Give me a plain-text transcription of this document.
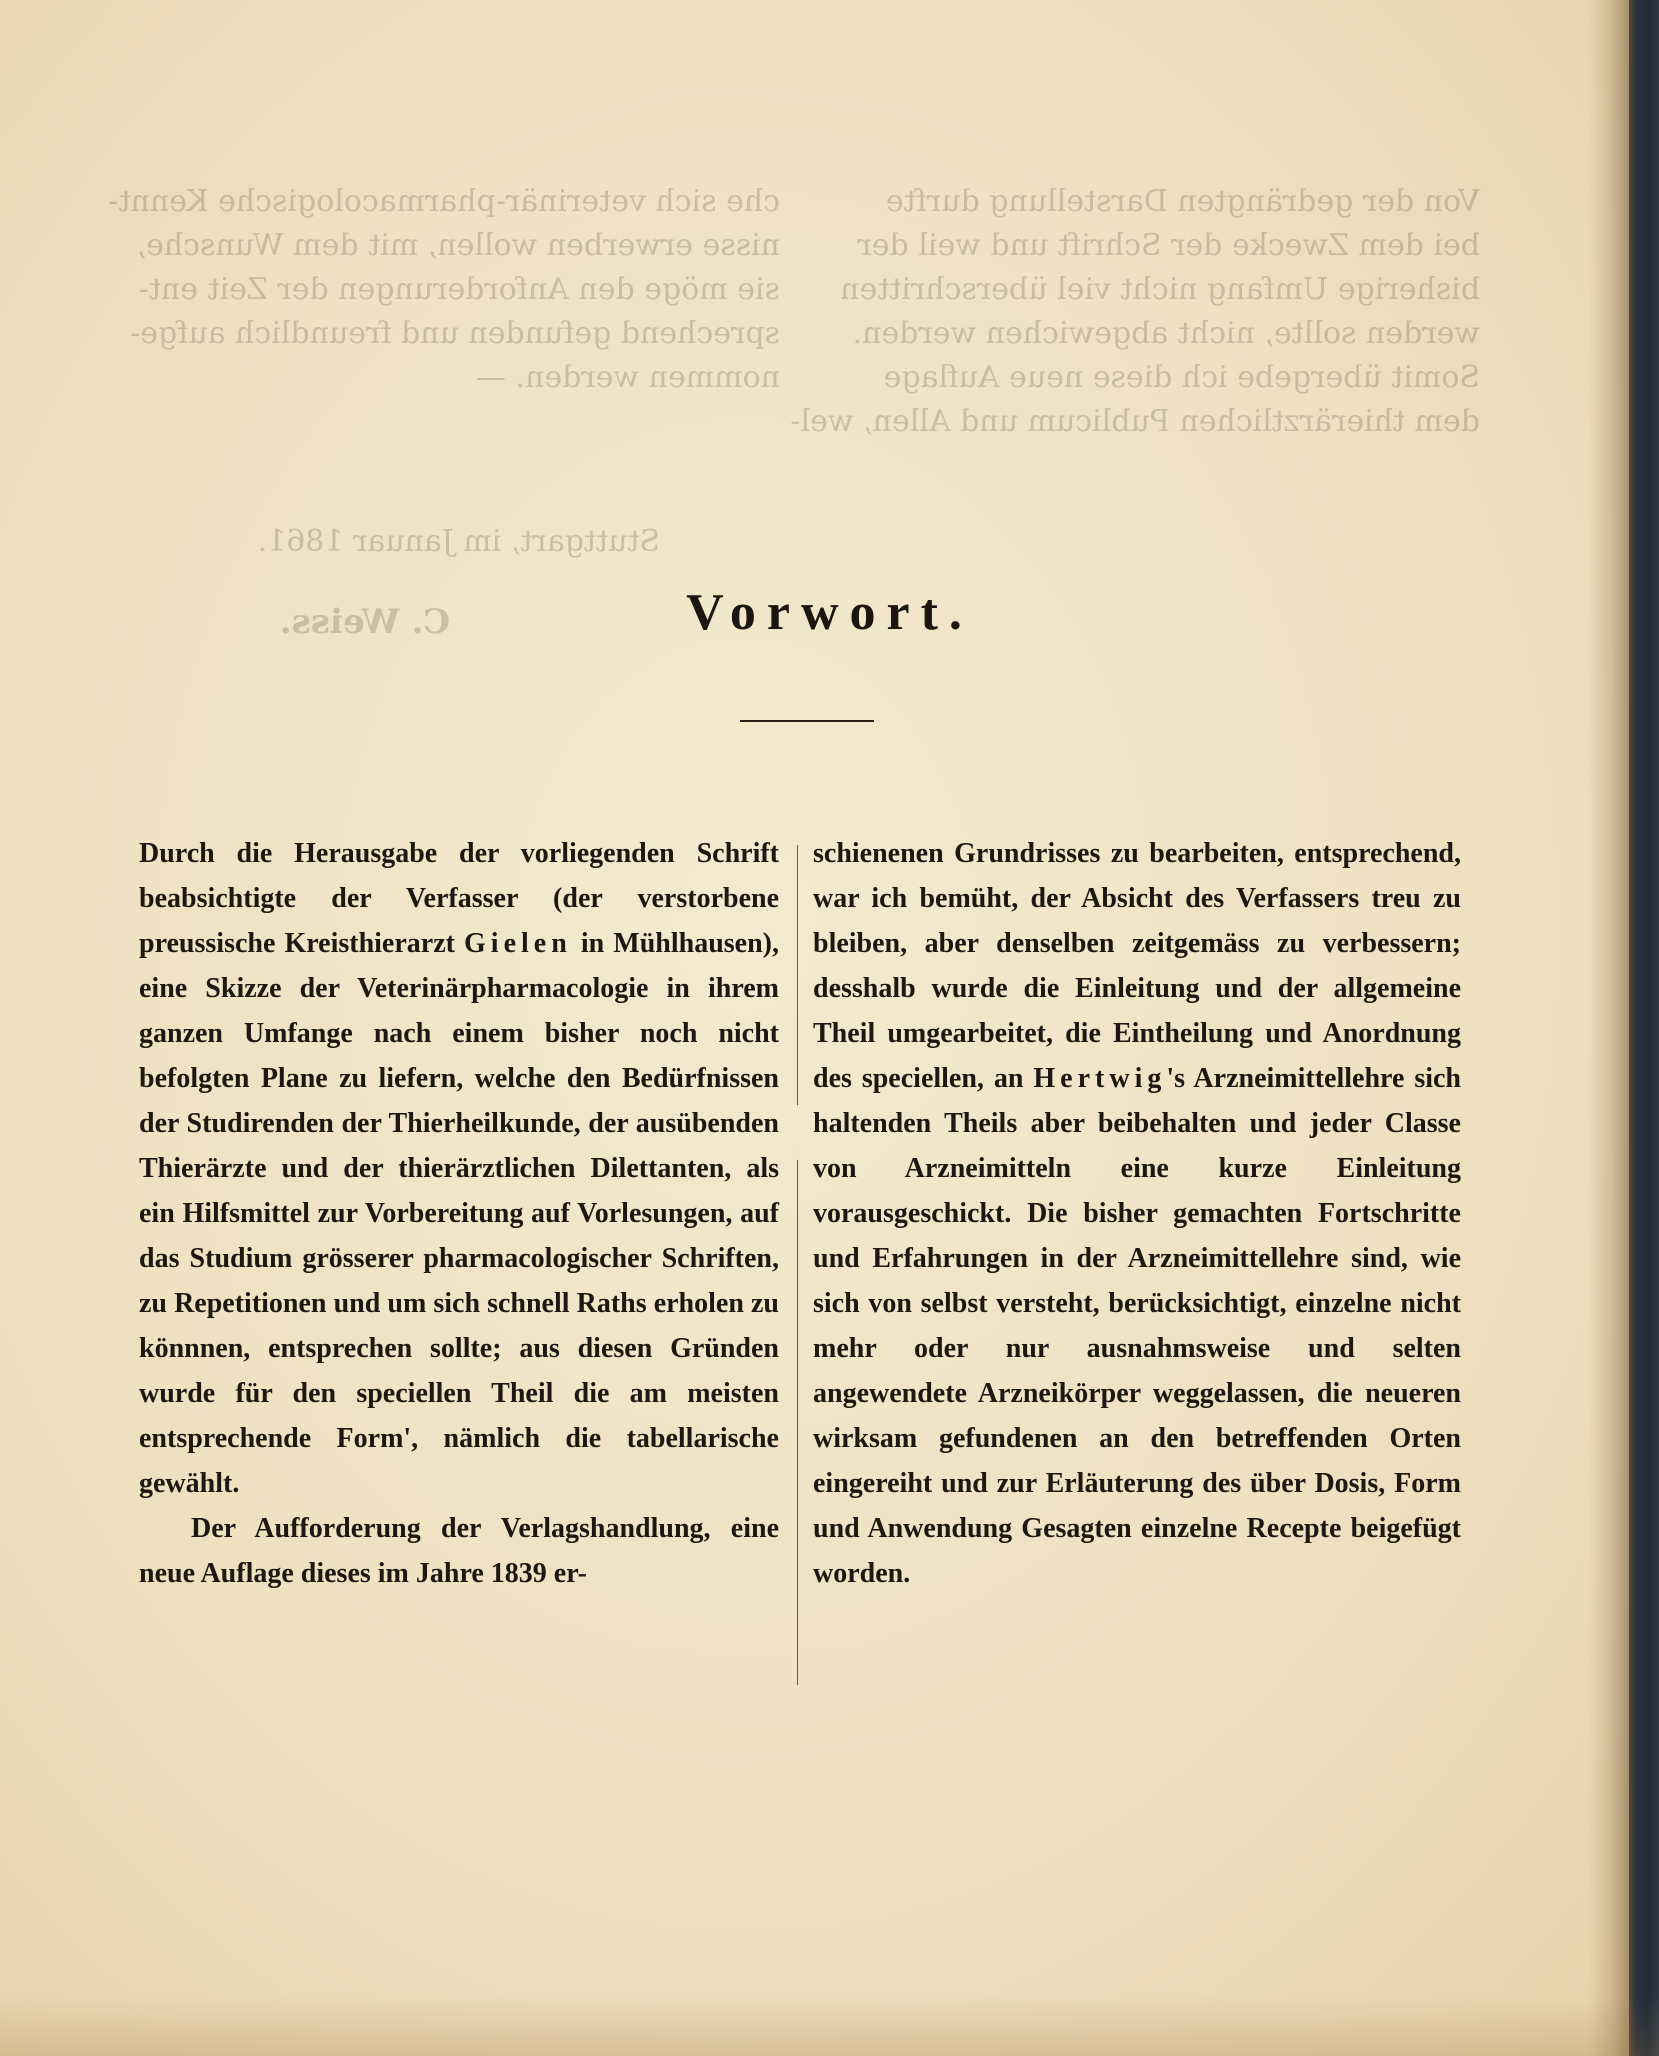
Von der gedrängten Darstellung durfte
bei dem Zwecke der Schrift und weil der
bisherige Umfang nicht viel überschritten
werden sollte, nicht abgewichen werden.
Somit übergebe ich diese neue Auflage
dem thierärztlichen Publicum und Allen, wel-
che sich veterinär-pharmacologische Kennt-
nisse erwerben wollen, mit dem Wunsche,
sie möge den Anforderungen der Zeit ent-
sprechend gefunden und freundlich aufge-
nommen werden. —
Stuttgart, im Januar 1861.
C. Weiss.	Vorwort.

Durch die Herausgabe der vorliegenden Schrift beabsichtigte der Verfasser (der verstorbene preussische Kreisthierarzt Gielen in Mühlhausen), eine Skizze der Veterinärpharmacologie in ihrem ganzen Umfange nach einem bisher noch nicht befolgten Plane zu liefern, welche den Bedürfnissen der Studirenden der Thierheilkunde, der ausübenden Thierärzte und der thierärztlichen Dilettanten, als ein Hilfsmittel zur Vorbereitung auf Vorlesungen, auf das Studium grösserer pharmacologischer Schriften, zu Repetitionen und um sich schnell Raths erholen zu könnnen, entsprechen sollte; aus diesen Gründen wurde für den speciellen Theil die am meisten entsprechende Form', nämlich die tabellarische gewählt.

Der Aufforderung der Verlagshandlung, eine neue Auflage dieses im Jahre 1839 er-

schienenen Grundrisses zu bearbeiten, entsprechend, war ich bemüht, der Absicht des Verfassers treu zu bleiben, aber denselben zeitgemäss zu verbessern; desshalb wurde die Einleitung und der allgemeine Theil umgearbeitet, die Eintheilung und Anordnung des speciellen, an Hertwig's Arzneimittellehre sich haltenden Theils aber beibehalten und jeder Classe von Arzneimitteln eine kurze Einleitung vorausgeschickt. Die bisher gemachten Fortschritte und Erfahrungen in der Arzneimittellehre sind, wie sich von selbst versteht, berücksichtigt, einzelne nicht mehr oder nur ausnahmsweise und selten angewendete Arzneikörper weggelassen, die neueren wirksam gefundenen an den betreffenden Orten eingereiht und zur Erläuterung des über Dosis, Form und Anwendung Gesagten einzelne Recepte beigefügt worden.
